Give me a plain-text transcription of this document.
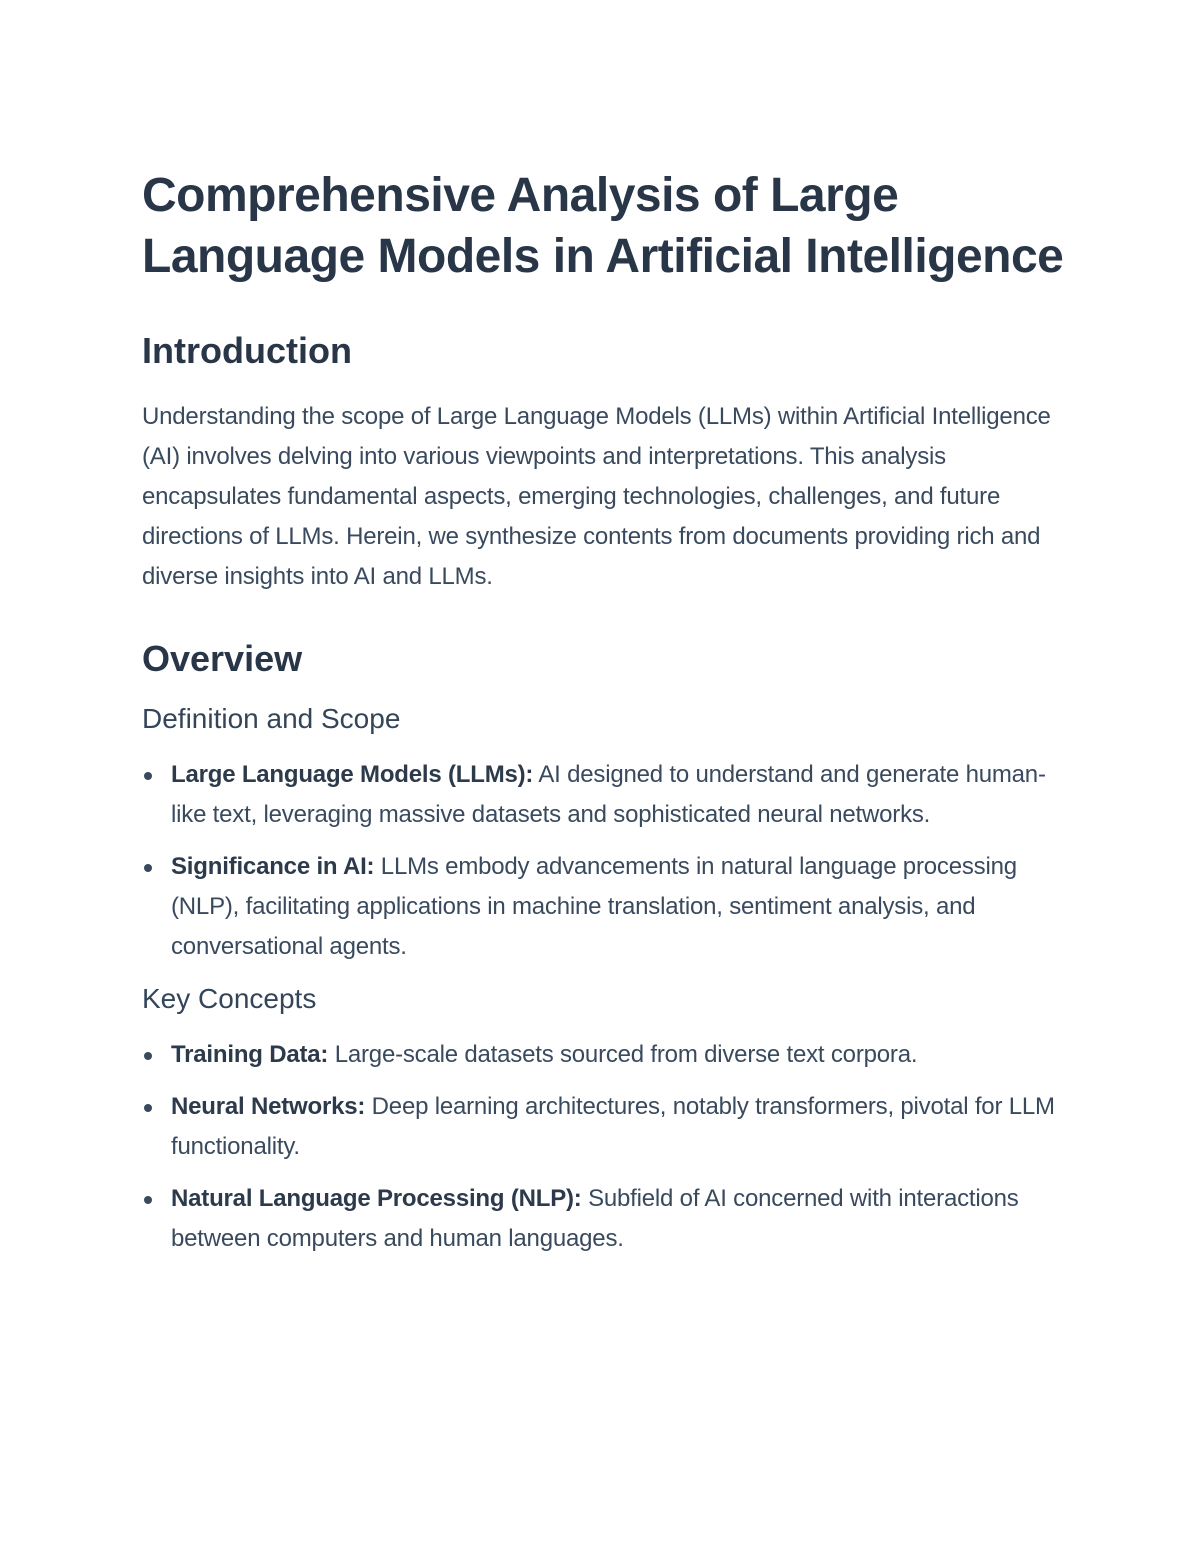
Comprehensive Analysis of Large Language Models in Artificial Intelligence
Introduction

Understanding the scope of Large Language Models (LLMs) within Artificial Intelligence (AI) involves delving into various viewpoints and interpretations. This analysis encapsulates fundamental aspects, emerging technologies, challenges, and future directions of LLMs. Herein, we synthesize contents from documents providing rich and diverse insights into AI and LLMs.

Overview
Definition and Scope
Large Language Models (LLMs): AI designed to understand and generate human-like text, leveraging massive datasets and sophisticated neural networks.
Significance in AI: LLMs embody advancements in natural language processing (NLP), facilitating applications in machine translation, sentiment analysis, and conversational agents.
Key Concepts
Training Data: Large-scale datasets sourced from diverse text corpora.
Neural Networks: Deep learning architectures, notably transformers, pivotal for LLM functionality.
Natural Language Processing (NLP): Subfield of AI concerned with interactions between computers and human languages.
